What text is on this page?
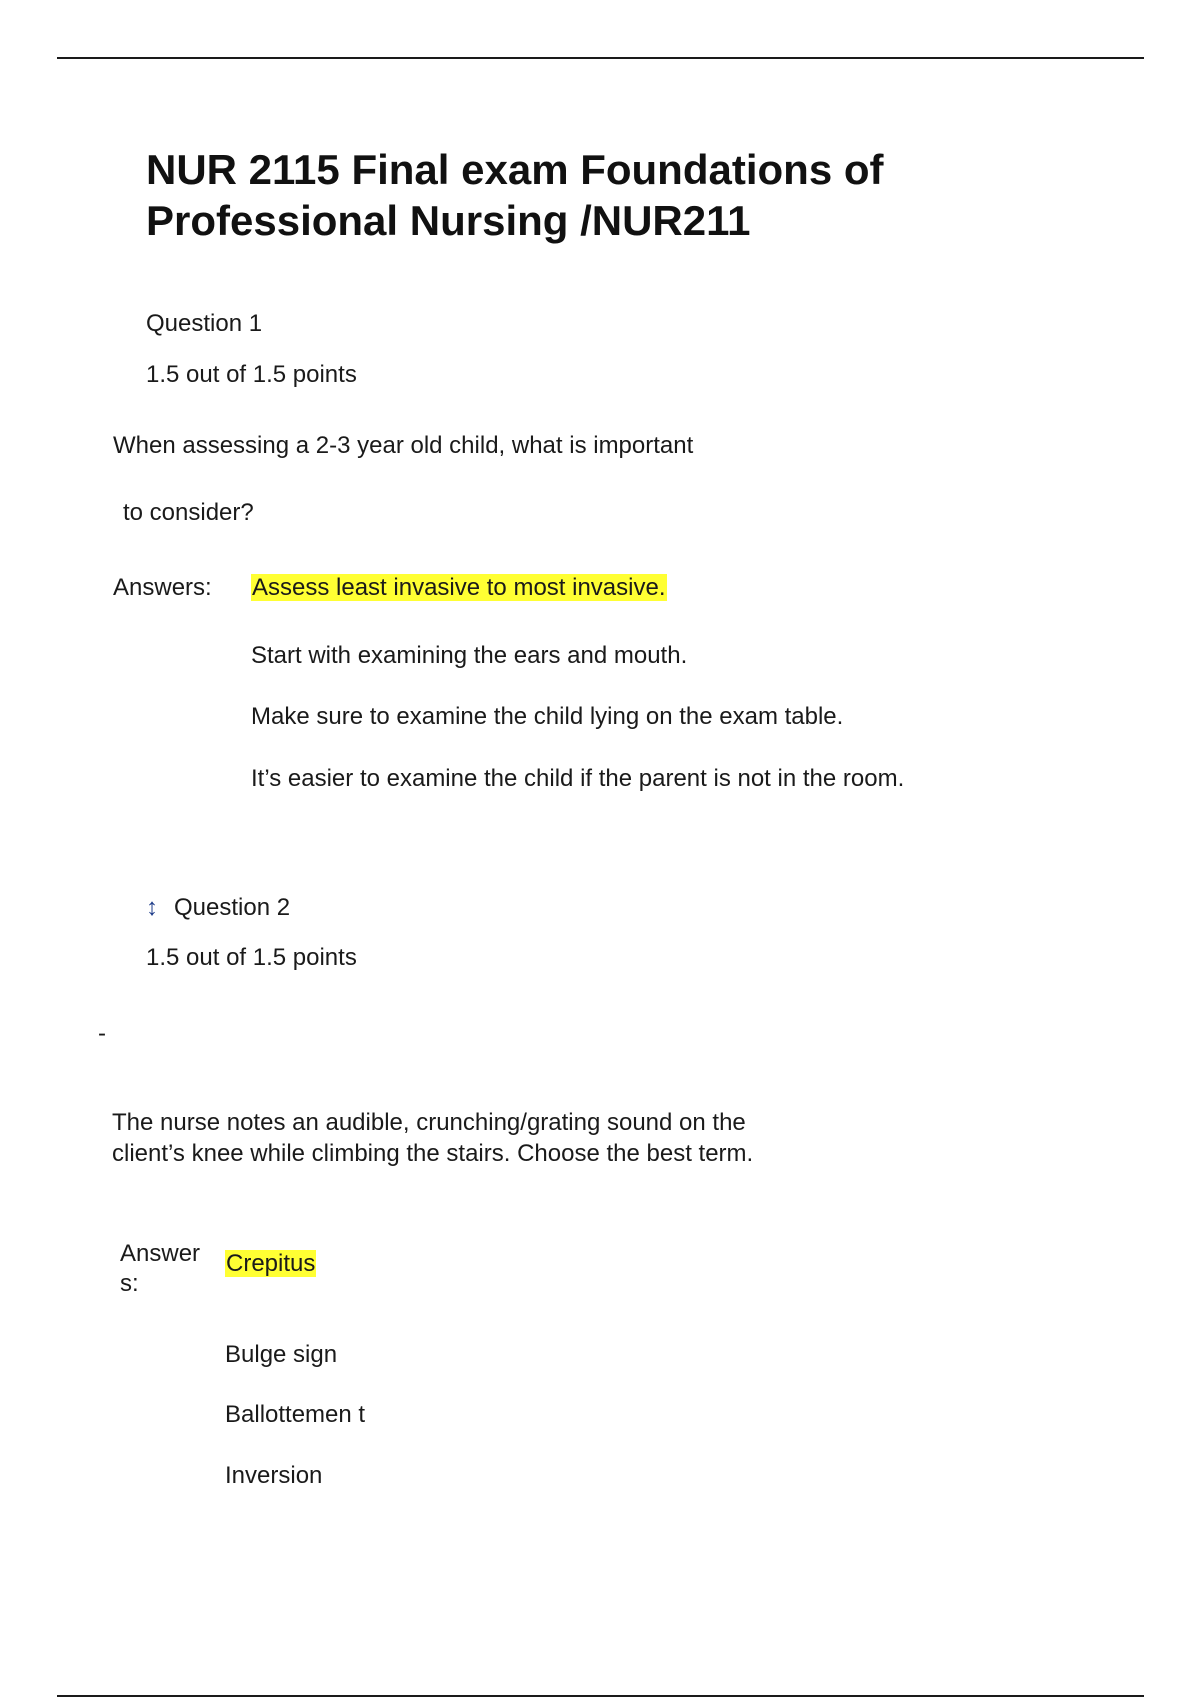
NUR 2115 Final exam Foundations of Professional Nursing /NUR211

Question 1

1.5 out of 1.5 points

When assessing a 2-3 year old child, what is important

to consider?

Answers: Assess least invasive to most invasive.

Start with examining the ears and mouth.

Make sure to examine the child lying on the exam table.

It’s easier to examine the child if the parent is not in the room.

↕ Question 2

1.5 out of 1.5 points

-

The nurse notes an audible, crunching/grating sound on the client’s knee while climbing the stairs. Choose the best term.

Answers:

Crepitus

Bulge sign

Ballottemen t

Inversion
